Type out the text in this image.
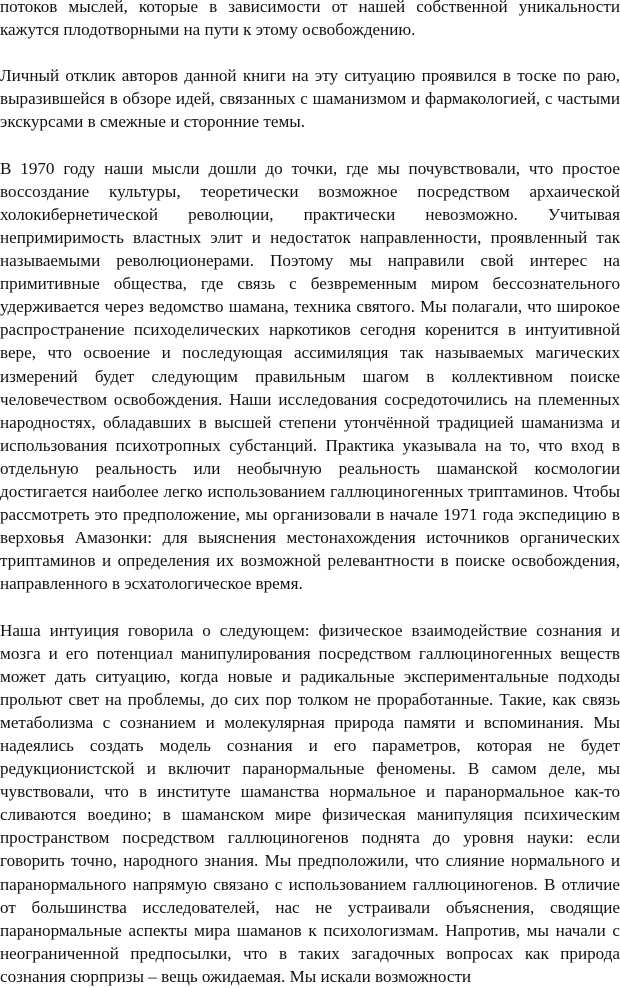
потоков мыслей, которые в зависимости от нашей собственной уникальности кажутся плодотворными на пути к этому освобождению.

Личный отклик авторов данной книги на эту ситуацию проявился в тоске по раю, выразившейся в обзоре идей, связанных с шаманизмом и фармакологией, с частыми экскурсами в смежные и сторонние темы.

В 1970 году наши мысли дошли до точки, где мы почувствовали, что простое воссоздание культуры, теоретически возможное посредством архаической холокибернетической революции, практически невозможно. Учитывая непримиримость властных элит и недостаток направленности, проявленный так называемыми революционерами. Поэтому мы направили свой интерес на примитивные общества, где связь с безвременным миром бессознательного удерживается через ведомство шамана, техника святого. Мы полагали, что широкое распространение психоделических наркотиков сегодня коренится в интуитивной вере, что освоение и последующая ассимиляция так называемых магических измерений будет следующим правильным шагом в коллективном поиске человечеством освобождения. Наши исследования сосредоточились на племенных народностях, обладавших в высшей степени утончённой традицией шаманизма и использования психотропных субстанций. Практика указывала на то, что вход в отдельную реальность или необычную реальность шаманской космологии достигается наиболее легко использованием галлюциногенных триптаминов. Чтобы рассмотреть это предположение, мы организовали в начале 1971 года экспедицию в верховья Амазонки: для выяснения местонахождения источников органических триптаминов и определения их возможной релевантности в поиске освобождения, направленного в эсхатологическое время.

Наша интуиция говорила о следующем: физическое взаимодействие сознания и мозга и его потенциал манипулирования посредством галлюциногенных веществ может дать ситуацию, когда новые и радикальные экспериментальные подходы прольют свет на проблемы, до сих пор толком не проработанные. Такие, как связь метаболизма с сознанием и молекулярная природа памяти и вспоминания. Мы надеялись создать модель сознания и его параметров, которая не будет редукционистской и включит паранормальные феномены. В самом деле, мы чувствовали, что в институте шаманства нормальное и паранормальное как-то сливаются воедино; в шаманском мире физическая манипуляция психическим пространством посредством галлюциногенов поднята до уровня науки: если говорить точно, народного знания. Мы предположили, что слияние нормального и паранормального напрямую связано с использованием галлюциногенов. В отличие от большинства исследователей, нас не устраивали объяснения, сводящие паранормальные аспекты мира шаманов к психологизмам. Напротив, мы начали с неограниченной предпосылки, что в таких загадочных вопросах как природа сознания сюрпризы – вещь ожидаемая. Мы искали возможности
